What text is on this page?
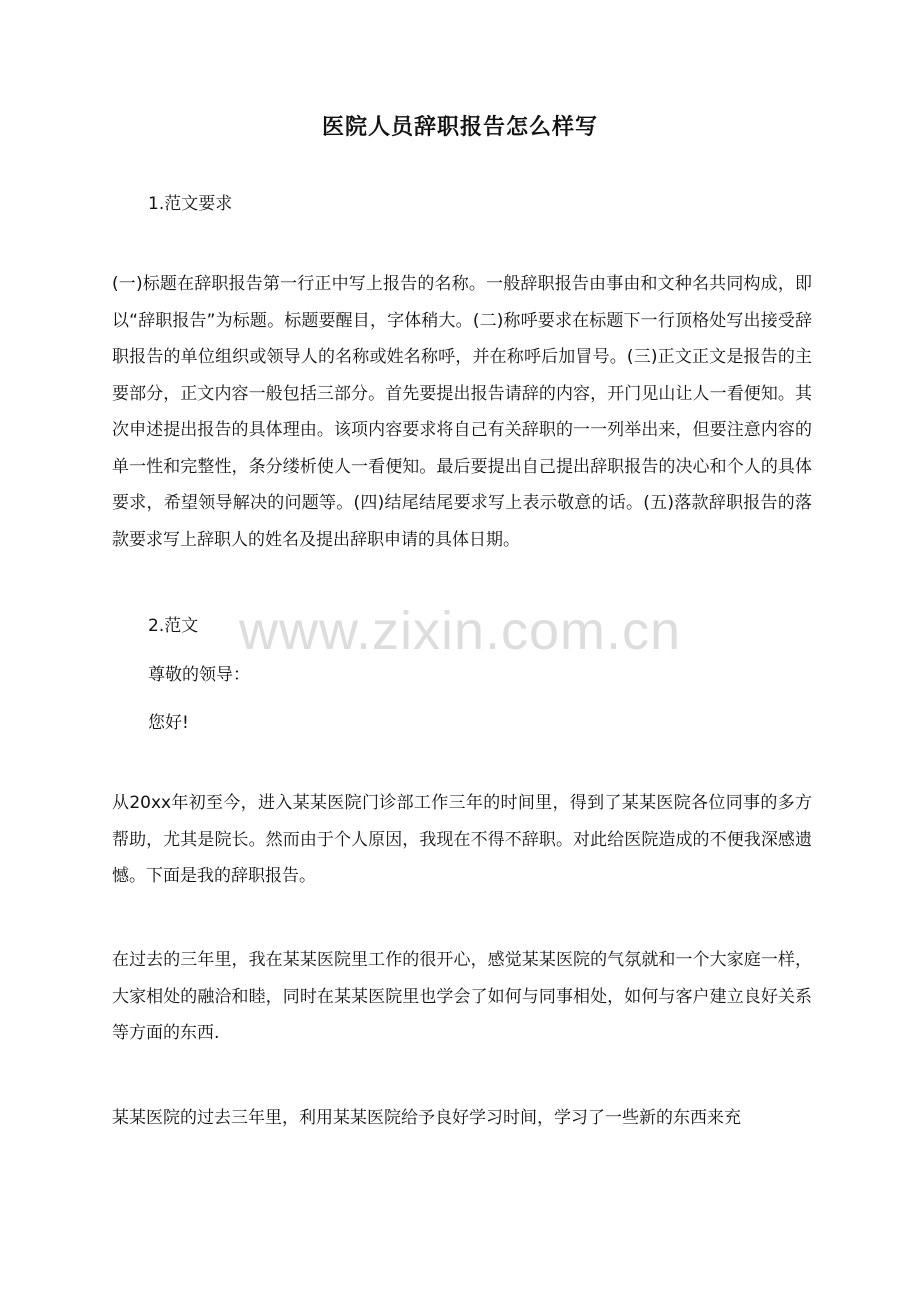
医院人员辞职报告怎么样写
1.范文要求
(一)标题在辞职报告第一行正中写上报告的名称。一般辞职报告由事由和文种名共同构成，即以“辞职报告”为标题。标题要醒目，字体稍大。(二)称呼要求在标题下一行顶格处写出接受辞职报告的单位组织或领导人的名称或姓名称呼，并在称呼后加冒号。(三)正文正文是报告的主要部分，正文内容一般包括三部分。首先要提出报告请辞的内容，开门见山让人一看便知。其次申述提出报告的具体理由。该项内容要求将自己有关辞职的一一列举出来，但要注意内容的单一性和完整性，条分缕析使人一看便知。最后要提出自己提出辞职报告的决心和个人的具体要求，希望领导解决的问题等。(四)结尾结尾要求写上表示敬意的话。(五)落款辞职报告的落款要求写上辞职人的姓名及提出辞职申请的具体日期。
2.范文
尊敬的领导：
您好!
从20xx年初至今，进入某某医院门诊部工作三年的时间里，得到了某某医院各位同事的多方帮助，尤其是院长。然而由于个人原因，我现在不得不辞职。对此给医院造成的不便我深感遗憾。下面是我的辞职报告。
在过去的三年里，我在某某医院里工作的很开心，感觉某某医院的气氛就和一个大家庭一样，大家相处的融洽和睦，同时在某某医院里也学会了如何与同事相处，如何与客户建立良好关系等方面的东西.
某某医院的过去三年里，利用某某医院给予良好学习时间，学习了一些新的东西来充
www.zixin.com.cn
